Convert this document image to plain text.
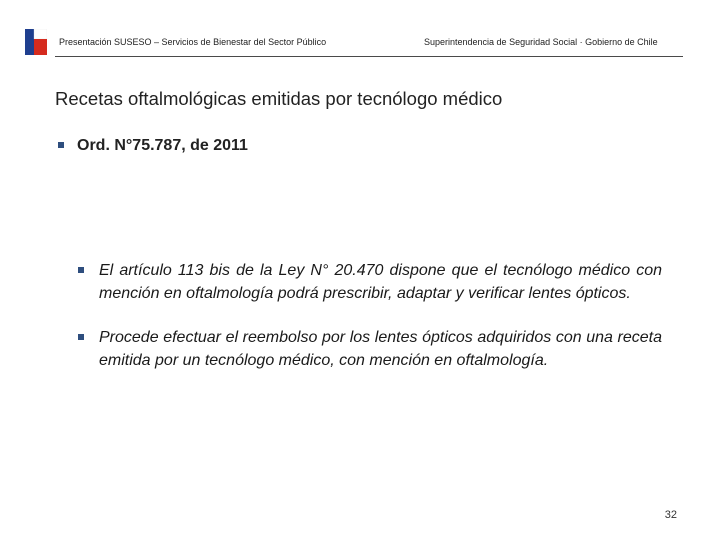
Presentación SUSESO – Servicios de Bienestar del Sector Público	Superintendencia de Seguridad Social · Gobierno de Chile
Recetas oftalmológicas emitidas por tecnólogo médico
Ord. N°75.787, de 2011
El artículo 113 bis de la Ley N° 20.470 dispone que el tecnólogo médico con mención en oftalmología podrá prescribir, adaptar y verificar lentes ópticos.
Procede efectuar el reembolso por los lentes ópticos adquiridos con una receta emitida por un tecnólogo médico, con mención en oftalmología.
32
